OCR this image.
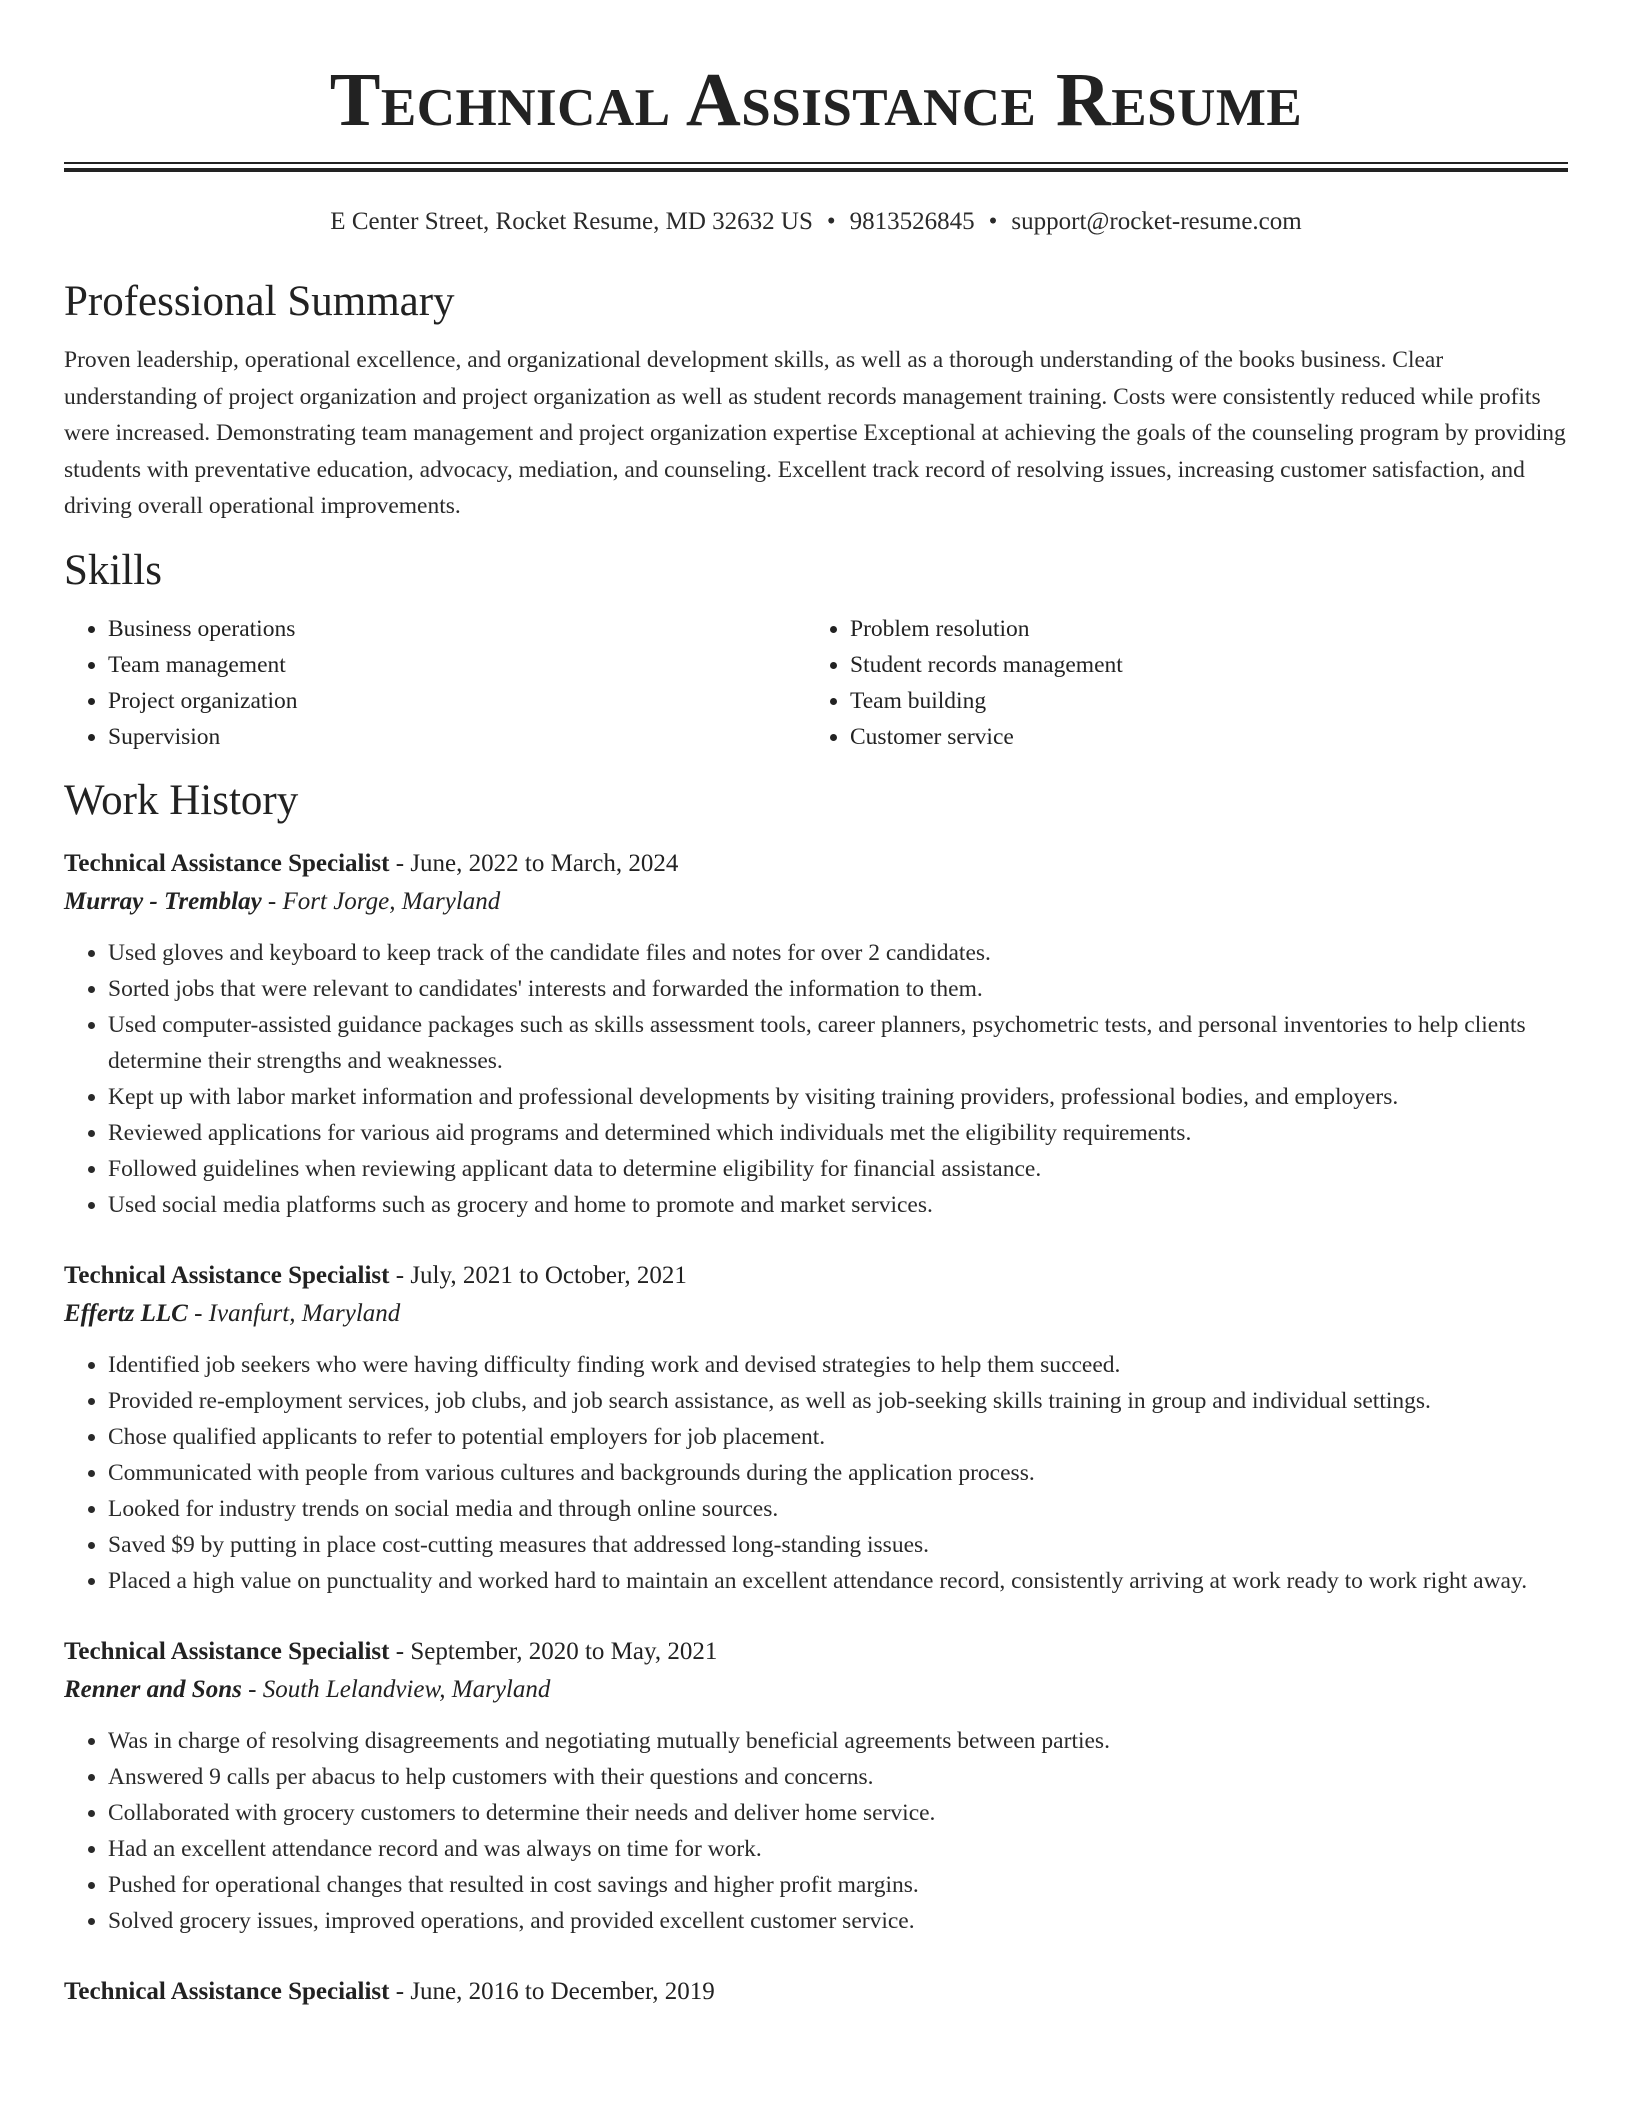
Technical Assistance Resume
E Center Street, Rocket Resume, MD 32632 US • 9813526845 • support@rocket-resume.com
Professional Summary

Proven leadership, operational excellence, and organizational development skills, as well as a thorough understanding of the books business. Clear understanding of project organization and project organization as well as student records management training. Costs were consistently reduced while profits were increased. Demonstrating team management and project organization expertise Exceptional at achieving the goals of the counseling program by providing students with preventative education, advocacy, mediation, and counseling. Excellent track record of resolving issues, increasing customer satisfaction, and driving overall operational improvements.

Skills
• Business operations
• Team management
• Project organization
• Supervision
• Problem resolution
• Student records management
• Team building
• Customer service
Work History
Technical Assistance Specialist - June, 2022 to March, 2024
Murray - Tremblay - Fort Jorge, Maryland
• Used gloves and keyboard to keep track of the candidate files and notes for over 2 candidates.
• Sorted jobs that were relevant to candidates' interests and forwarded the information to them.
• Used computer-assisted guidance packages such as skills assessment tools, career planners, psychometric tests, and personal inventories to help clients determine their strengths and weaknesses.
• Kept up with labor market information and professional developments by visiting training providers, professional bodies, and employers.
• Reviewed applications for various aid programs and determined which individuals met the eligibility requirements.
• Followed guidelines when reviewing applicant data to determine eligibility for financial assistance.
• Used social media platforms such as grocery and home to promote and market services.
Technical Assistance Specialist - July, 2021 to October, 2021
Effertz LLC - Ivanfurt, Maryland
• Identified job seekers who were having difficulty finding work and devised strategies to help them succeed.
• Provided re-employment services, job clubs, and job search assistance, as well as job-seeking skills training in group and individual settings.
• Chose qualified applicants to refer to potential employers for job placement.
• Communicated with people from various cultures and backgrounds during the application process.
• Looked for industry trends on social media and through online sources.
• Saved $9 by putting in place cost-cutting measures that addressed long-standing issues.
• Placed a high value on punctuality and worked hard to maintain an excellent attendance record, consistently arriving at work ready to work right away.
Technical Assistance Specialist - September, 2020 to May, 2021
Renner and Sons - South Lelandview, Maryland
• Was in charge of resolving disagreements and negotiating mutually beneficial agreements between parties.
• Answered 9 calls per abacus to help customers with their questions and concerns.
• Collaborated with grocery customers to determine their needs and deliver home service.
• Had an excellent attendance record and was always on time for work.
• Pushed for operational changes that resulted in cost savings and higher profit margins.
• Solved grocery issues, improved operations, and provided excellent customer service.
Technical Assistance Specialist - June, 2016 to December, 2019
